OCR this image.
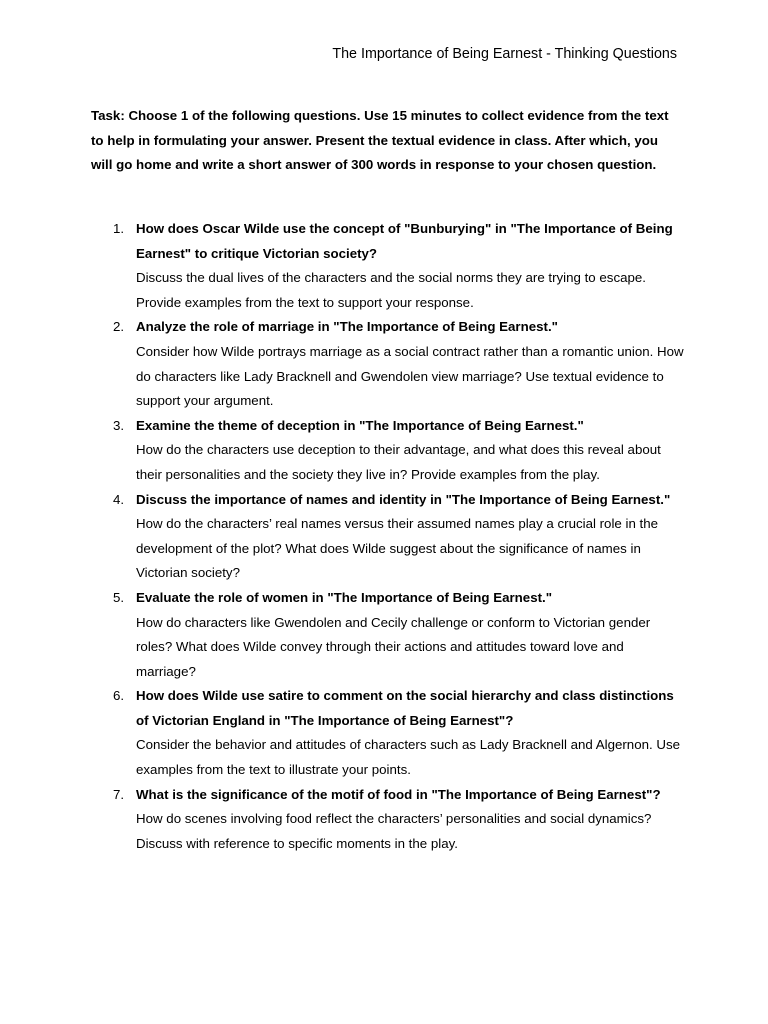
The Importance of Being Earnest - Thinking Questions
Task: Choose 1 of the following questions. Use 15 minutes to collect evidence from the text to help in formulating your answer. Present the textual evidence in class. After which, you will go home and write a short answer of 300 words in response to your chosen question.
1. How does Oscar Wilde use the concept of "Bunburying" in "The Importance of Being Earnest" to critique Victorian society?
Discuss the dual lives of the characters and the social norms they are trying to escape. Provide examples from the text to support your response.
2. Analyze the role of marriage in "The Importance of Being Earnest."
Consider how Wilde portrays marriage as a social contract rather than a romantic union. How do characters like Lady Bracknell and Gwendolen view marriage? Use textual evidence to support your argument.
3. Examine the theme of deception in "The Importance of Being Earnest."
How do the characters use deception to their advantage, and what does this reveal about their personalities and the society they live in? Provide examples from the play.
4. Discuss the importance of names and identity in "The Importance of Being Earnest."
How do the characters’ real names versus their assumed names play a crucial role in the development of the plot? What does Wilde suggest about the significance of names in Victorian society?
5. Evaluate the role of women in "The Importance of Being Earnest."
How do characters like Gwendolen and Cecily challenge or conform to Victorian gender roles? What does Wilde convey through their actions and attitudes toward love and marriage?
6. How does Wilde use satire to comment on the social hierarchy and class distinctions of Victorian England in "The Importance of Being Earnest"?
Consider the behavior and attitudes of characters such as Lady Bracknell and Algernon. Use examples from the text to illustrate your points.
7. What is the significance of the motif of food in "The Importance of Being Earnest"?
How do scenes involving food reflect the characters’ personalities and social dynamics? Discuss with reference to specific moments in the play.
